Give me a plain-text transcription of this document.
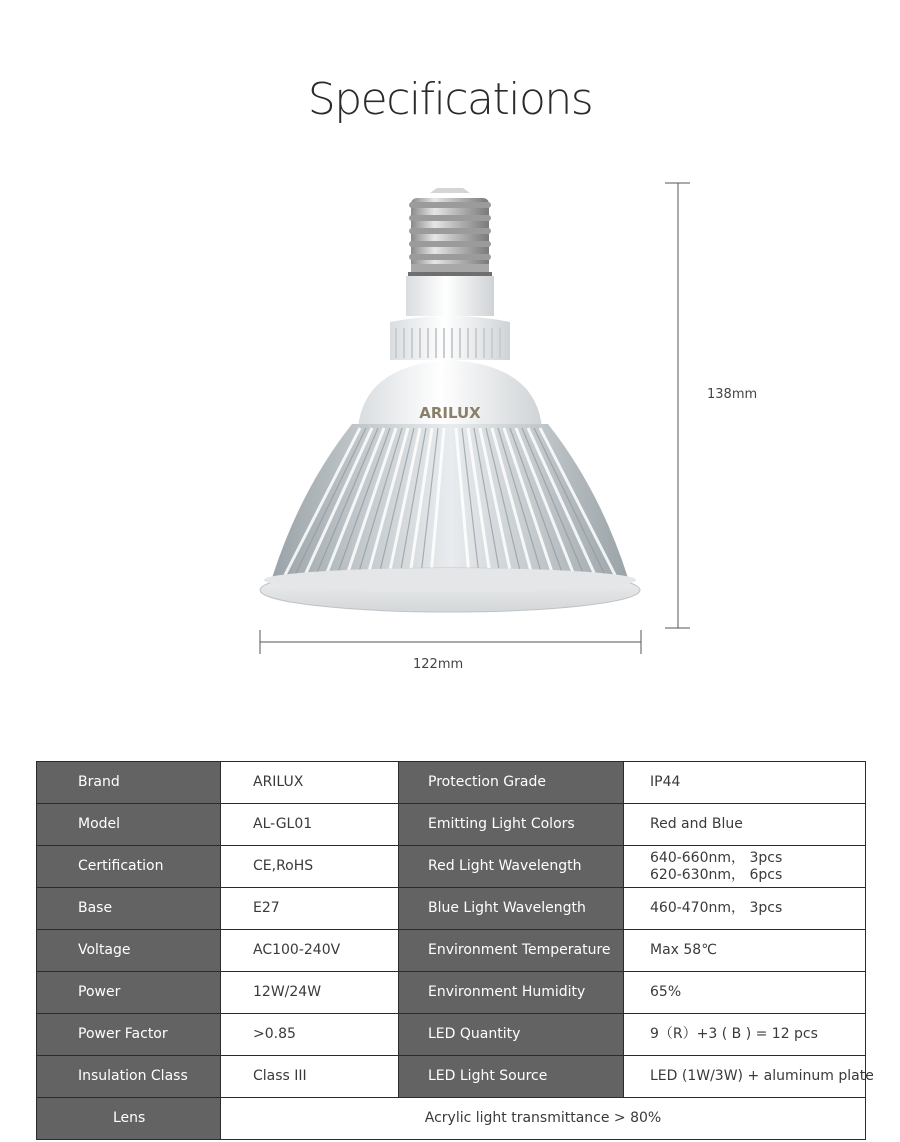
Specifications
ARILUX
138mm
122mm
Brand	ARILUX	Protection Grade	IP44
Model	AL-GL01	Emitting Light Colors	Red and Blue
Certification	CE,RoHS	Red Light Wavelength	640-660nm， 3pcs
620-630nm， 6pcs

Base	E27	Blue Light Wavelength	460-470nm， 3pcs
Voltage	AC100-240V	Environment Temperature	Max 58℃
Power	12W/24W	Environment Humidity	65%
Power Factor	>0.85	LED Quantity	9（R）+3 ( B ) = 12 pcs
Insulation Class	Class III	LED Light Source	LED (1W/3W) + aluminum plate
Lens	Acrylic light transmittance > 80%		
